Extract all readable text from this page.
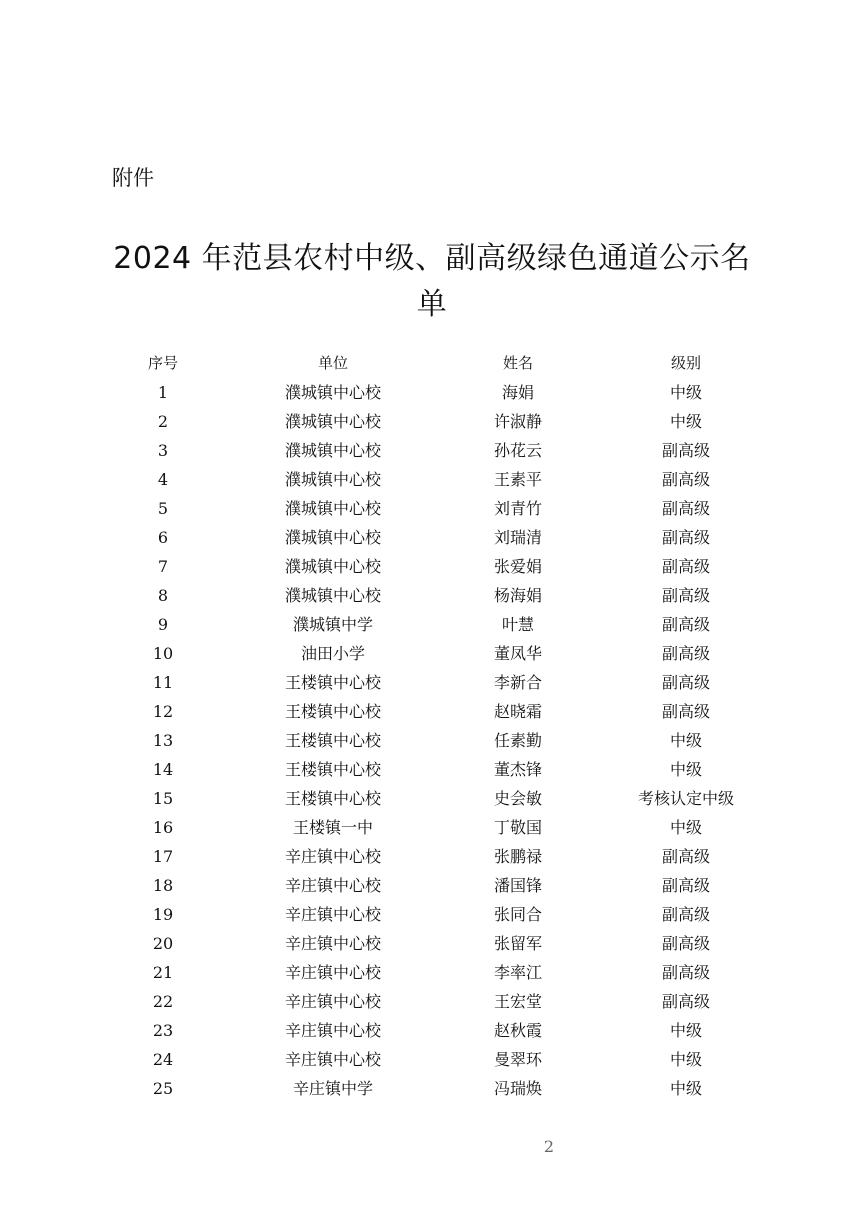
附件
2024 年范县农村中级、副高级绿色通道公示名单
	序号	单位	姓名	级别	
	1	濮城镇中心校	海娟	中级	
	2	濮城镇中心校	许淑静	中级	
	3	濮城镇中心校	孙花云	副高级	
	4	濮城镇中心校	王素平	副高级	
	5	濮城镇中心校	刘青竹	副高级	
	6	濮城镇中心校	刘瑞清	副高级	
	7	濮城镇中心校	张爱娟	副高级	
	8	濮城镇中心校	杨海娟	副高级	
	9	濮城镇中学	叶慧	副高级	
	10	油田小学	董凤华	副高级	
	11	王楼镇中心校	李新合	副高级	
	12	王楼镇中心校	赵晓霜	副高级	
	13	王楼镇中心校	任素勤	中级	
	14	王楼镇中心校	董杰锋	中级	
	15	王楼镇中心校	史会敏	考核认定中级	
	16	王楼镇一中	丁敬国	中级	
	17	辛庄镇中心校	张鹏禄	副高级	
	18	辛庄镇中心校	潘国锋	副高级	
	19	辛庄镇中心校	张同合	副高级	
	20	辛庄镇中心校	张留军	副高级	
	21	辛庄镇中心校	李率江	副高级	
	22	辛庄镇中心校	王宏堂	副高级	
	23	辛庄镇中心校	赵秋霞	中级	
	24	辛庄镇中心校	曼翠环	中级	
	25	辛庄镇中学	冯瑞焕	中级	
2
